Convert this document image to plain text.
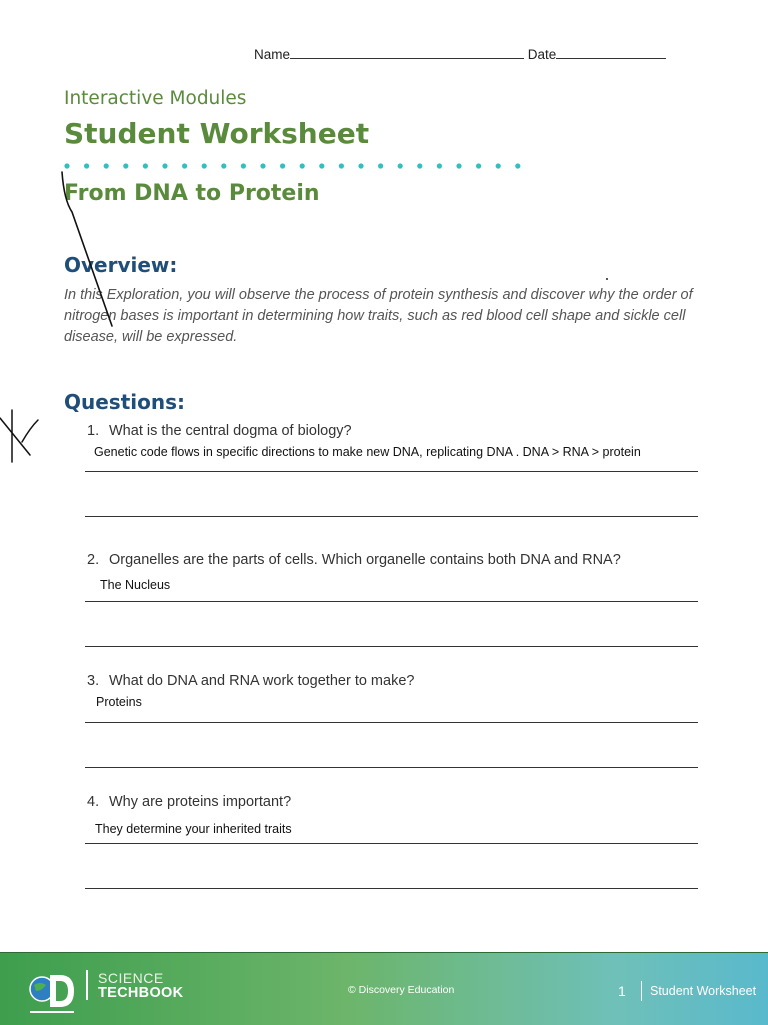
Name	Date
Interactive Modules
Student Worksheet
From DNA to Protein
Overview:
In this Exploration, you will observe the process of protein synthesis and discover why the order of nitrogen bases is important in determining how traits, such as red blood cell shape and sickle cell disease, will be expressed.
Questions:
1. What is the central dogma of biology?
Genetic code flows in specific directions to make new DNA, replicating DNA . DNA > RNA > protein
2. Organelles are the parts of cells. Which organelle contains both DNA and RNA?
The Nucleus
3. What do DNA and RNA work together to make?
Proteins
4. Why are proteins important?
They determine your inherited traits
SCIENCE
TECHBOOK	© Discovery Education	1 Student Worksheet
